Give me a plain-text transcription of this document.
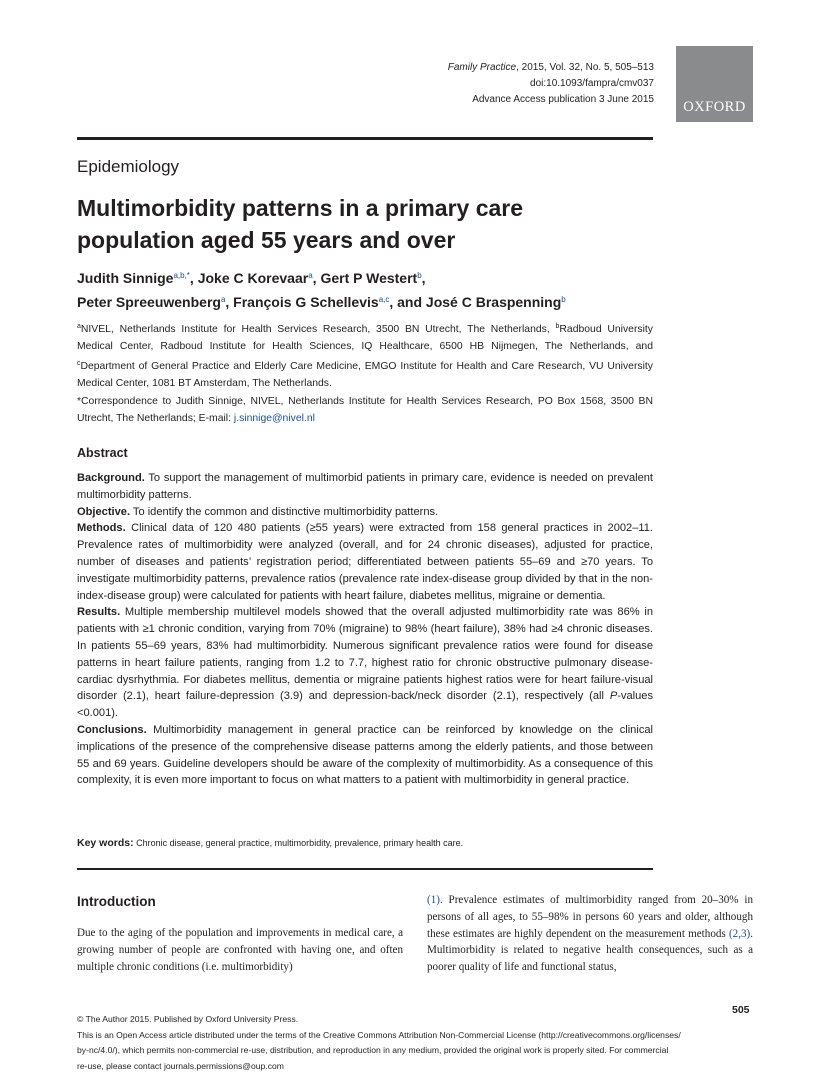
Family Practice, 2015, Vol. 32, No. 5, 505–513
doi:10.1093/fampra/cmv037
Advance Access publication 3 June 2015 OXFORD
Epidemiology
Multimorbidity patterns in a primary care
population aged 55 years and over
Judith Sinnige$^{a,b,*}$, Joke C Korevaar$^a$, Gert P Westert$^b$,
Peter Spreeuwenberg$^a$, François G Schellevis$^{a,c}$, and José C Braspenning$^b$
$^a$NIVEL, Netherlands Institute for Health Services Research, 3500 BN Utrecht, The Netherlands, $^b$Radboud University Medical Center, Radboud Institute for Health Sciences, IQ Healthcare, 6500 HB Nijmegen, The Netherlands, and $^c$Department of General Practice and Elderly Care Medicine, EMGO Institute for Health and Care Research, VU University Medical Center, 1081 BT Amsterdam, The Netherlands.
*Correspondence to Judith Sinnige, NIVEL, Netherlands Institute for Health Services Research, PO Box 1568, 3500 BN Utrecht, The Netherlands; E-mail: j.sinnige@nivel.nl
Abstract

Background. To support the management of multimorbid patients in primary care, evidence is needed on prevalent multimorbidity patterns.

Objective. To identify the common and distinctive multimorbidity patterns.

Methods. Clinical data of 120 480 patients (≥55 years) were extracted from 158 general practices in 2002–11. Prevalence rates of multimorbidity were analyzed (overall, and for 24 chronic diseases), adjusted for practice, number of diseases and patients’ registration period; differentiated between patients 55–69 and ≥70 years. To investigate multimorbidity patterns, prevalence ratios (prevalence rate index-disease group divided by that in the non-index-disease group) were calculated for patients with heart failure, diabetes mellitus, migraine or dementia.

Results. Multiple membership multilevel models showed that the overall adjusted multimorbidity rate was 86% in patients with ≥1 chronic condition, varying from 70% (migraine) to 98% (heart failure), 38% had ≥4 chronic diseases. In patients 55–69 years, 83% had multimorbidity. Numerous significant prevalence ratios were found for disease patterns in heart failure patients, ranging from 1.2 to 7.7, highest ratio for chronic obstructive pulmonary disease-cardiac dysrhythmia. For diabetes mellitus, dementia or migraine patients highest ratios were for heart failure-visual disorder (2.1), heart failure-depression (3.9) and depression-back/neck disorder (2.1), respectively (all P-values <0.001).

Conclusions. Multimorbidity management in general practice can be reinforced by knowledge on the clinical implications of the presence of the comprehensive disease patterns among the elderly patients, and those between 55 and 69 years. Guideline developers should be aware of the complexity of multimorbidity. As a consequence of this complexity, it is even more important to focus on what matters to a patient with multimorbidity in general practice.

Key words: Chronic disease, general practice, multimorbidity, prevalence, primary health care.
Introduction
Due to the aging of the population and improvements in medical care, a growing number of people are confronted with having one, and often multiple chronic conditions (i.e. multimorbidity)
(1). Prevalence estimates of multimorbidity ranged from 20–30% in persons of all ages, to 55–98% in persons 60 years and older, although these estimates are highly dependent on the measurement methods (2,3). Multimorbidity is related to negative health consequences, such as a poorer quality of life and functional status,
505
© The Author 2015. Published by Oxford University Press.
This is an Open Access article distributed under the terms of the Creative Commons Attribution Non-Commercial License (http://creativecommons.org/licenses/
by-nc/4.0/), which permits non-commercial re-use, distribution, and reproduction in any medium, provided the original work is properly sited. For commercial
re-use, please contact journals.permissions@oup.com
